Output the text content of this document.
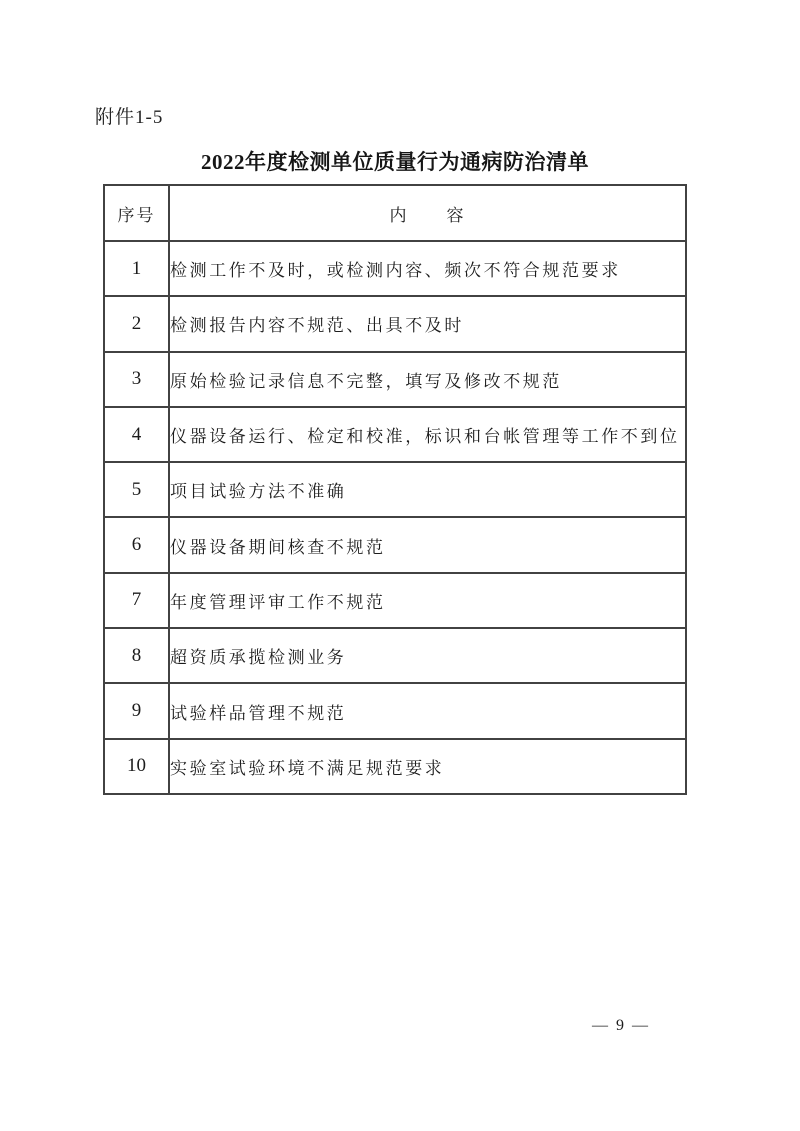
附件1-5
2022年度检测单位质量行为通病防治清单
序号	内　　容
1	检测工作不及时，或检测内容、频次不符合规范要求
2	检测报告内容不规范、出具不及时
3	原始检验记录信息不完整，填写及修改不规范
4	仪器设备运行、检定和校准，标识和台帐管理等工作不到位
5	项目试验方法不准确
6	仪器设备期间核查不规范
7	年度管理评审工作不规范
8	超资质承揽检测业务
9	试验样品管理不规范
10	实验室试验环境不满足规范要求
— 9 —
